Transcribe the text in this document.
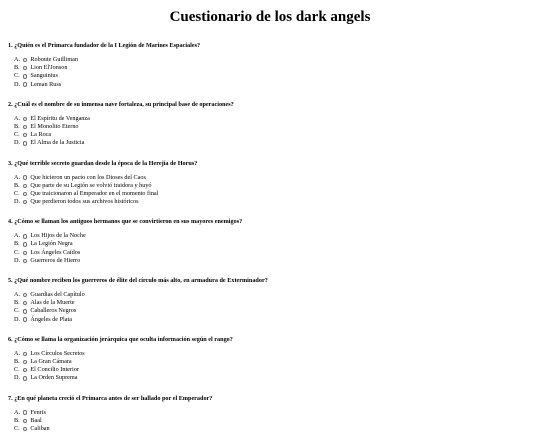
Cuestionario de los dark angels
1. ¿Quién es el Primarca fundador de la I Legión de Marines Espaciales?
A.	Roboute Guilliman
B.	Lion El'Jonson
C.	Sanguinius
D.	Leman Russ
2. ¿Cuál es el nombre de su inmensa nave fortaleza, su principal base de operaciones?
A.	El Espíritu de Venganza
B.	El Monolito Eterno
C.	La Roca
D.	El Alma de la Justicia
3. ¿Qué terrible secreto guardan desde la época de la Herejía de Horus?
A.	Que hicieron un pacto con los Dioses del Caos
B.	Que parte de su Legión se volvió traidora y huyó
C.	Que traicionaron al Emperador en el momento final
D.	Que perdieron todos sus archivos históricos
4. ¿Cómo se llaman los antiguos hermanos que se convirtieron en sus mayores enemigos?
A.	Los Hijos de la Noche
B.	La Legión Negra
C.	Los Ángeles Caídos
D.	Guerreros de Hierro
5. ¿Qué nombre reciben los guerreros de élite del círculo más alto, en armadura de Exterminador?
A.	Guardias del Capítulo
B.	Alas de la Muerte
C.	Caballeros Negros
D.	Ángeles de Plata
6. ¿Cómo se llama la organización jerárquica que oculta información según el rango?
A.	Los Círculos Secretos
B.	La Gran Cámara
C.	El Concilio Interior
D.	La Orden Suprema
7. ¿En qué planeta creció el Primarca antes de ser hallado por el Emperador?
A.	Fenris
B.	Baal
C.	Caliban
